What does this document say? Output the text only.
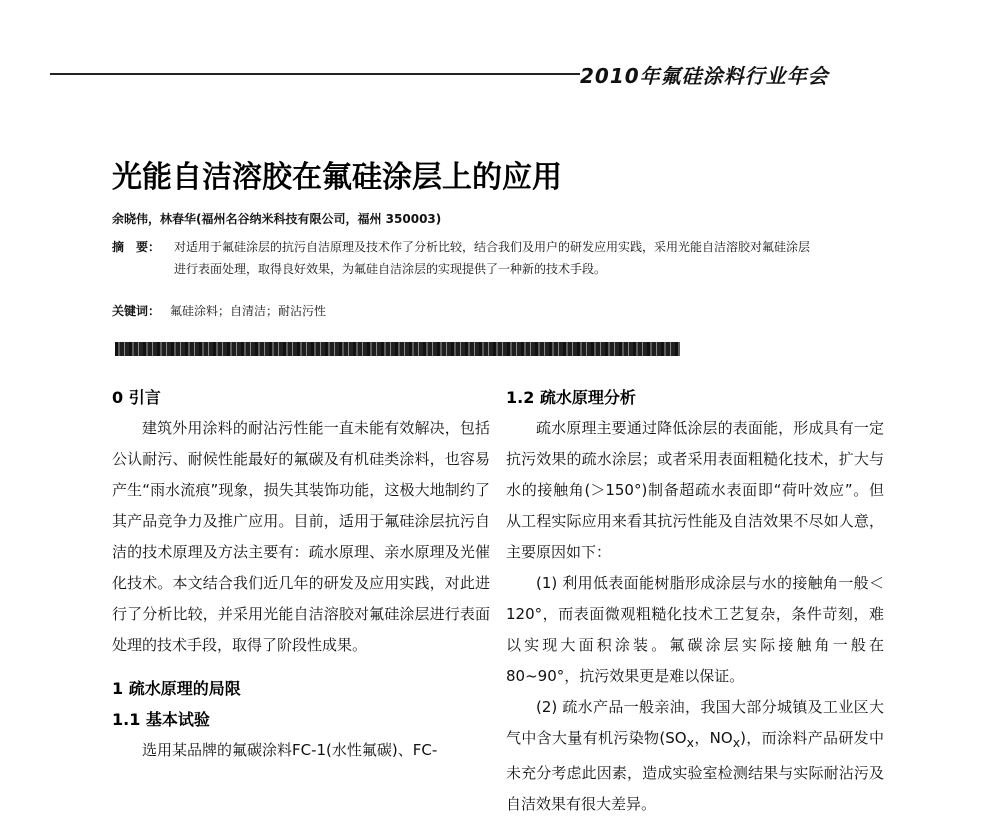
2010年氟硅涂料行业年会
光能自洁溶胶在氟硅涂层上的应用
余晓伟，林春华(福州名谷纳米科技有限公司，福州 350003)
摘　要：	对适用于氟硅涂层的抗污自洁原理及技术作了分析比较，结合我们及用户的研发应用实践，采用光能自洁溶胶对氟硅涂层进行表面处理，取得良好效果，为氟硅自洁涂层的实现提供了一种新的技术手段。
关键词： 氟硅涂料；自清洁；耐沾污性
0 引言

建筑外用涂料的耐沾污性能一直未能有效解决，包括公认耐污、耐候性能最好的氟碳及有机硅类涂料，也容易产生“雨水流痕”现象，损失其装饰功能，这极大地制约了其产品竞争力及推广应用。目前，适用于氟硅涂层抗污自洁的技术原理及方法主要有：疏水原理、亲水原理及光催化技术。本文结合我们近几年的研发及应用实践，对此进行了分析比较，并采用光能自洁溶胶对氟硅涂层进行表面处理的技术手段，取得了阶段性成果。

1 疏水原理的局限
1.1 基本试验

选用某品牌的氟碳涂料FC-1(水性氟碳)、FC-

1.2 疏水原理分析

疏水原理主要通过降低涂层的表面能，形成具有一定抗污效果的疏水涂层；或者采用表面粗糙化技术，扩大与水的接触角(＞150°)制备超疏水表面即“荷叶效应”。但从工程实际应用来看其抗污性能及自洁效果不尽如人意，主要原因如下：

(1) 利用低表面能树脂形成涂层与水的接触角一般＜120°，而表面微观粗糙化技术工艺复杂，条件苛刻，难以实现大面积涂装。氟碳涂层实际接触角一般在80~90°，抗污效果更是难以保证。

(2) 疏水产品一般亲油，我国大部分城镇及工业区大气中含大量有机污染物($SO_x$，$NO_x$)，而涂料产品研发中未充分考虑此因素，造成实验室检测结果与实际耐沾污及自洁效果有很大差异。
